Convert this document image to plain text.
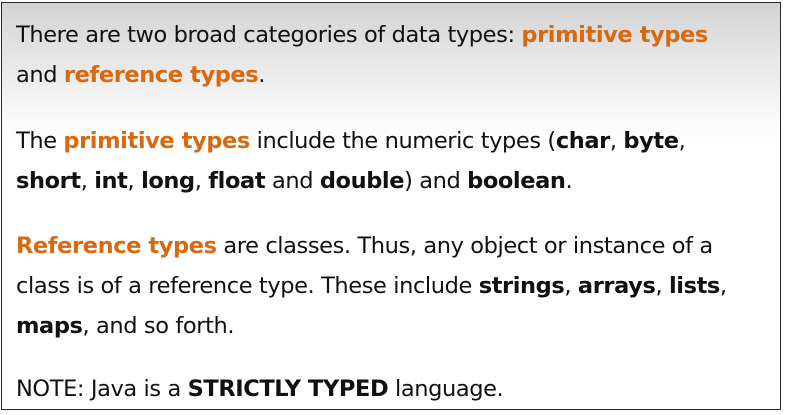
There are two broad categories of data types: primitive types
and reference types.

The primitive types include the numeric types (char, byte,
short, int, long, float and double) and boolean.

Reference types are classes. Thus, any object or instance of a
class is of a reference type. These include strings, arrays, lists,
maps, and so forth.

NOTE: Java is a STRICTLY TYPED language.
